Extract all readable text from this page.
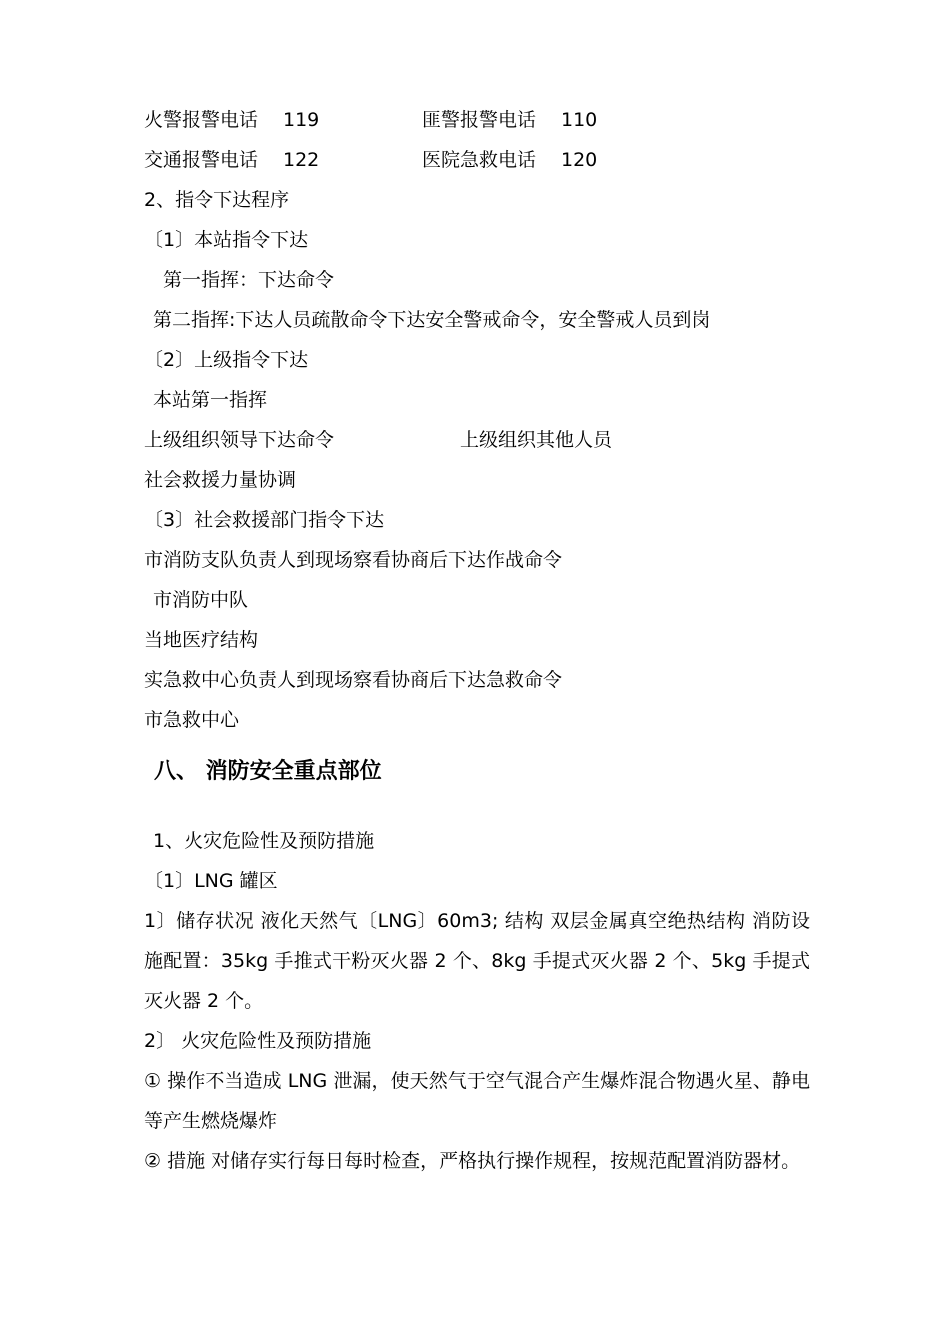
火警报警电话 119	匪警报警电话 110
交通报警电话 122	医院急救电话 120
2、指令下达程序
〔1〕本站指令下达
第一指挥：下达命令
第二指挥:下达人员疏散命令下达安全警戒命令，安全警戒人员到岗
〔2〕上级指令下达
本站第一指挥
上级组织领导下达命令	上级组织其他人员
社会救援力量协调
〔3〕社会救援部门指令下达
市消防支队负责人到现场察看协商后下达作战命令
市消防中队
当地医疗结构
实急救中心负责人到现场察看协商后下达急救命令
市急救中心
八、 消防安全重点部位
1、火灾危险性及预防措施
〔1〕LNG 罐区
1〕储存状况 液化天然气〔LNG〕60m3; 结构 双层金属真空绝热结构 消防设施配置：35kg 手推式干粉灭火器 2 个、8kg 手提式灭火器 2 个、5kg 手提式灭火器 2 个。
2〕 火灾危险性及预防措施
① 操作不当造成 LNG 泄漏，使天然气于空气混合产生爆炸混合物遇火星、静电等产生燃烧爆炸
② 措施 对储存实行每日每时检查，严格执行操作规程，按规范配置消防器材。
